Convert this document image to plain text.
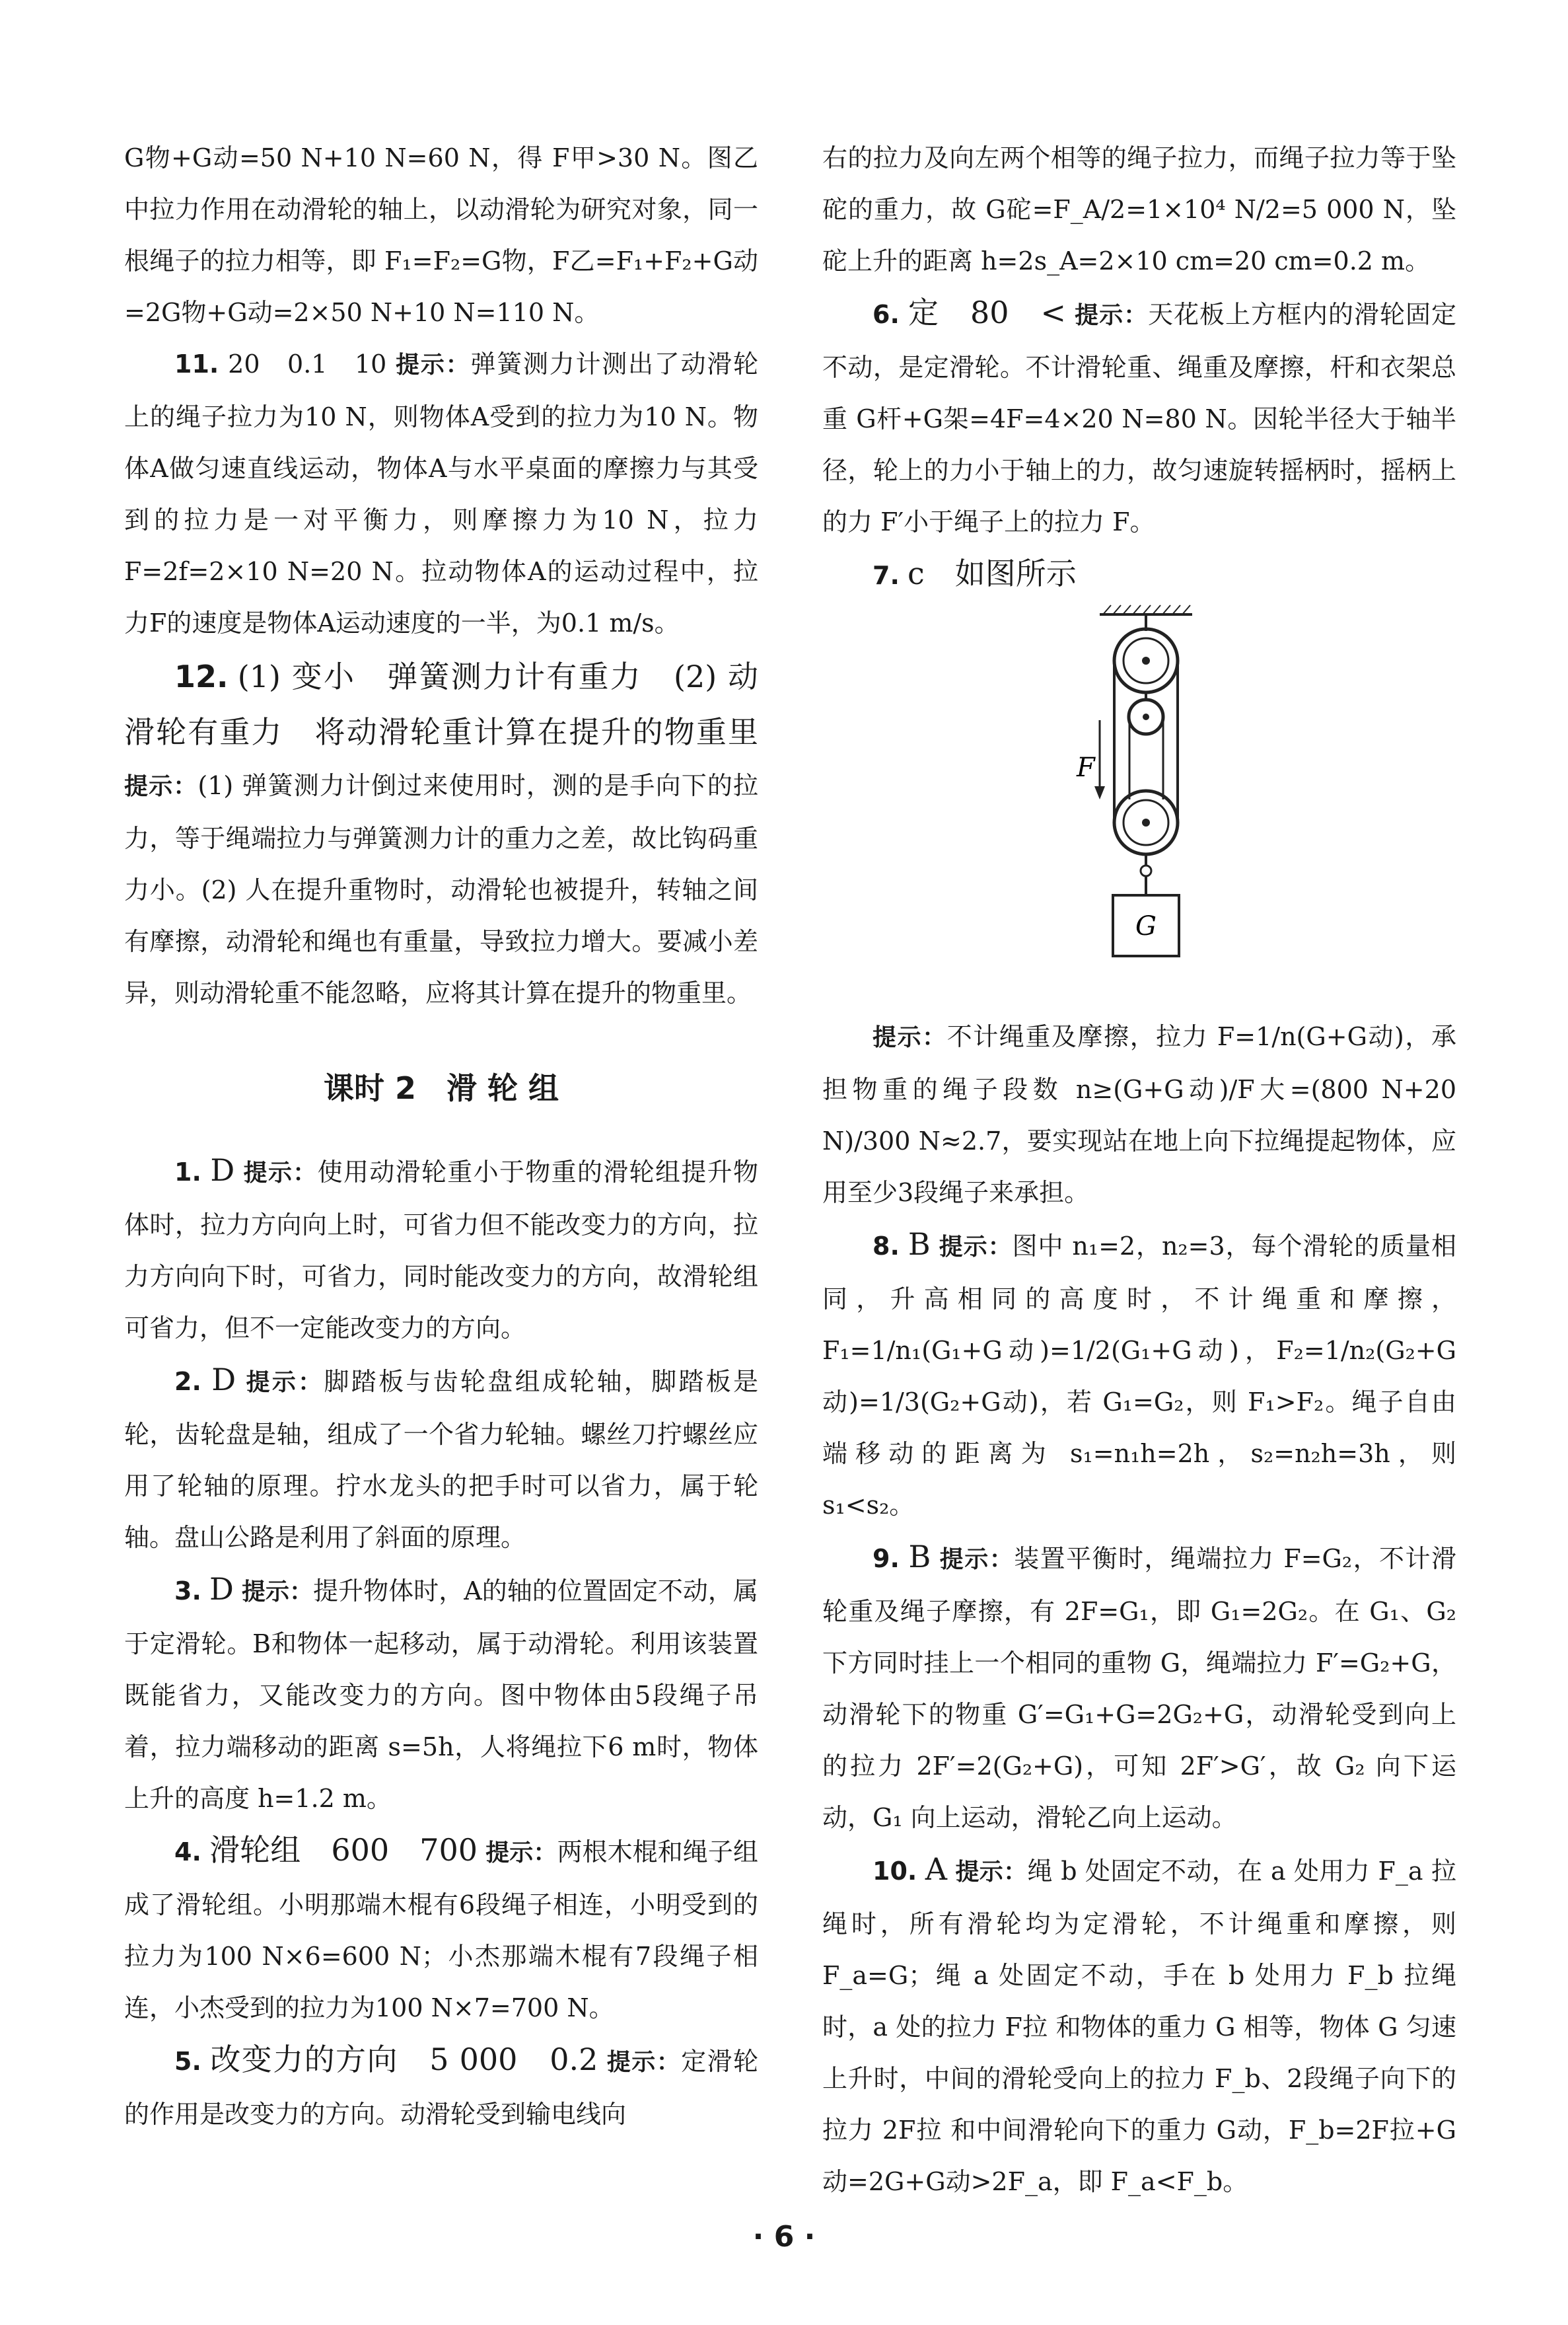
G物+G动=50 N+10 N=60 N，得 F甲>30 N。图乙中拉力作用在动滑轮的轴上，以动滑轮为研究对象，同一根绳子的拉力相等，即 F₁=F₂=G物，F乙=F₁+F₂+G动=2G物+G动=2×50 N+10 N=110 N。

11. 20　0.1　10 提示：弹簧测力计测出了动滑轮上的绳子拉力为10 N，则物体A受到的拉力为10 N。物体A做匀速直线运动，物体A与水平桌面的摩擦力与其受到的拉力是一对平衡力，则摩擦力为10 N，拉力 F=2f=2×10 N=20 N。拉动物体A的运动过程中，拉力F的速度是物体A运动速度的一半，为0.1 m/s。

12. (1) 变小　弹簧测力计有重力　(2) 动滑轮有重力　将动滑轮重计算在提升的物重里 提示：(1) 弹簧测力计倒过来使用时，测的是手向下的拉力，等于绳端拉力与弹簧测力计的重力之差，故比钩码重力小。(2) 人在提升重物时，动滑轮也被提升，转轴之间有摩擦，动滑轮和绳也有重量，导致拉力增大。要减小差异，则动滑轮重不能忽略，应将其计算在提升的物重里。

课时 2　滑 轮 组

1. D 提示：使用动滑轮重小于物重的滑轮组提升物体时，拉力方向向上时，可省力但不能改变力的方向，拉力方向向下时，可省力，同时能改变力的方向，故滑轮组可省力，但不一定能改变力的方向。

2. D 提示：脚踏板与齿轮盘组成轮轴，脚踏板是轮，齿轮盘是轴，组成了一个省力轮轴。螺丝刀拧螺丝应用了轮轴的原理。拧水龙头的把手时可以省力，属于轮轴。盘山公路是利用了斜面的原理。

3. D 提示：提升物体时，A的轴的位置固定不动，属于定滑轮。B和物体一起移动，属于动滑轮。利用该装置既能省力，又能改变力的方向。图中物体由5段绳子吊着，拉力端移动的距离 s=5h，人将绳拉下6 m时，物体上升的高度 h=1.2 m。

4. 滑轮组　600　700 提示：两根木棍和绳子组成了滑轮组。小明那端木棍有6段绳子相连，小明受到的拉力为100 N×6=600 N；小杰那端木棍有7段绳子相连，小杰受到的拉力为100 N×7=700 N。

5. 改变力的方向　5 000　0.2 提示：定滑轮的作用是改变力的方向。动滑轮受到输电线向

右的拉力及向左两个相等的绳子拉力，而绳子拉力等于坠砣的重力，故 G砣=F_A/2=1×10⁴ N/2=5 000 N，坠砣上升的距离 h=2s_A=2×10 cm=20 cm=0.2 m。

6. 定　80　< 提示：天花板上方框内的滑轮固定不动，是定滑轮。不计滑轮重、绳重及摩擦，杆和衣架总重 G杆+G架=4F=4×20 N=80 N。因轮半径大于轴半径，轮上的力小于轴上的力，故匀速旋转摇柄时，摇柄上的力 F′小于绳子上的拉力 F。

7. c　如图所示

F
G

提示：不计绳重及摩擦，拉力 F=1/n(G+G动)，承担物重的绳子段数 n≥(G+G动)/F大=(800 N+20 N)/300 N≈2.7，要实现站在地上向下拉绳提起物体，应用至少3段绳子来承担。

8. B 提示：图中 n₁=2，n₂=3，每个滑轮的质量相同，升高相同的高度时，不计绳重和摩擦，F₁=1/n₁(G₁+G动)=1/2(G₁+G动)，F₂=1/n₂(G₂+G动)=1/3(G₂+G动)，若 G₁=G₂，则 F₁>F₂。绳子自由端移动的距离为 s₁=n₁h=2h，s₂=n₂h=3h，则 s₁<s₂。

9. B 提示：装置平衡时，绳端拉力 F=G₂，不计滑轮重及绳子摩擦，有 2F=G₁，即 G₁=2G₂。在 G₁、G₂ 下方同时挂上一个相同的重物 G，绳端拉力 F′=G₂+G，动滑轮下的物重 G′=G₁+G=2G₂+G，动滑轮受到向上的拉力 2F′=2(G₂+G)，可知 2F′>G′，故 G₂ 向下运动，G₁ 向上运动，滑轮乙向上运动。

10. A 提示：绳 b 处固定不动，在 a 处用力 F_a 拉绳时，所有滑轮均为定滑轮，不计绳重和摩擦，则 F_a=G；绳 a 处固定不动，手在 b 处用力 F_b 拉绳时，a 处的拉力 F拉 和物体的重力 G 相等，物体 G 匀速上升时，中间的滑轮受向上的拉力 F_b、2段绳子向下的拉力 2F拉 和中间滑轮向下的重力 G动，F_b=2F拉+G动=2G+G动>2F_a，即 F_a<F_b。

· 6 ·
